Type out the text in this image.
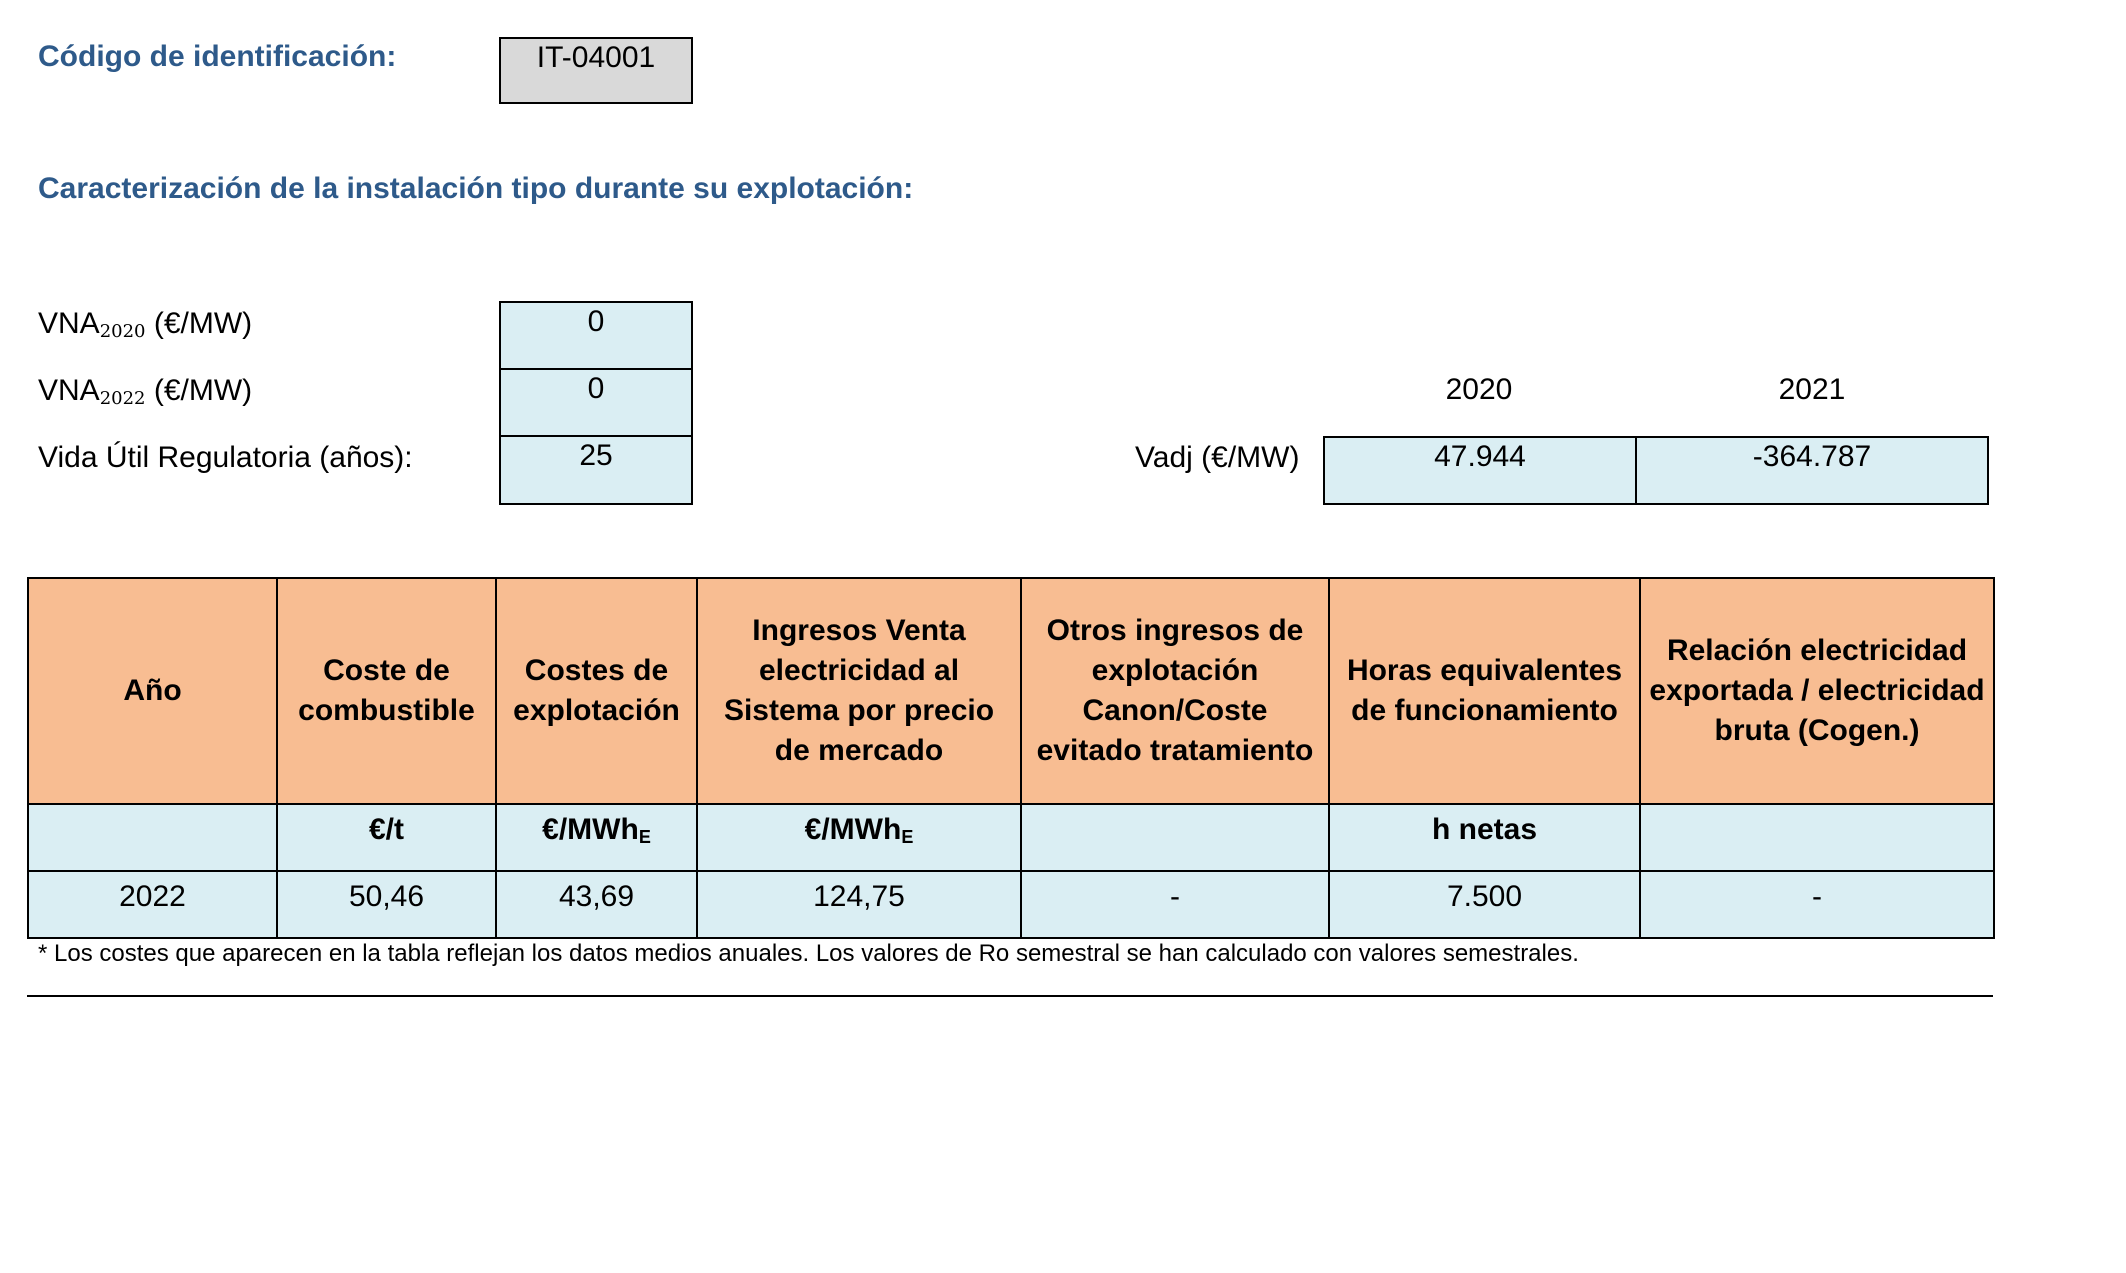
Código de identificación:	IT-04001
Caracterización de la instalación tipo durante su explotación:
$VNA_{2020}$ (€/MW)	0
$VNA_{2022}$ (€/MW)	0
Vida Útil Regulatoria (años):	25
2020	2021
Vadj (€/MW)	47.944	-364.787
Año	Coste de combustible	Costes de explotación	Ingresos Venta electricidad al Sistema por precio de mercado	Otros ingresos de explotación Canon/Coste evitado tratamiento	Horas equivalentes de funcionamiento	Relación electricidad exportada / electricidad bruta (Cogen.)
	€/t	€/MWh$_E$	€/MWh$_E$		h netas	
2022	50,46	43,69	124,75	-	7.500	-
* Los costes que aparecen en la tabla reflejan los datos medios anuales. Los valores de Ro semestral se han calculado con valores semestrales.
